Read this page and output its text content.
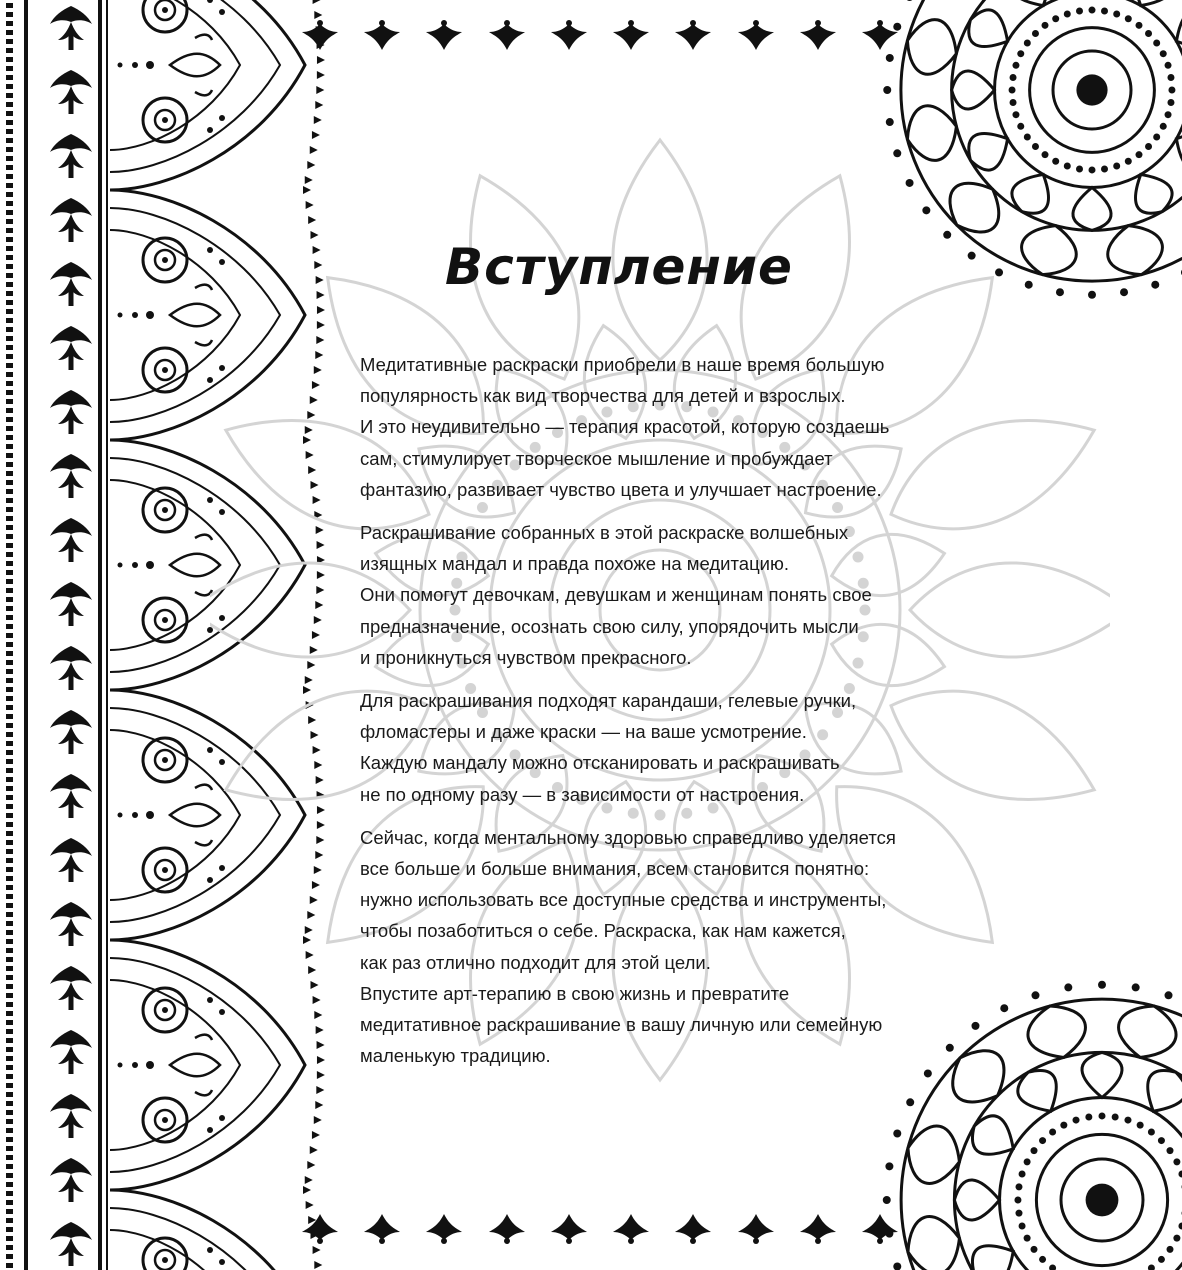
Вступление

Медитативные раскраски приобрели в наше время большую
популярность как вид творчества для детей и взрослых.
И это неудивительно — терапия красотой, которую создаешь
сам, стимулирует творческое мышление и пробуждает
фантазию, развивает чувство цвета и улучшает настроение.

Раскрашивание собранных в этой раскраске волшебных
изящных мандал и правда похоже на медитацию.
Они помогут девочкам, девушкам и женщинам понять свое
предназначение, осознать свою силу, упорядочить мысли
и проникнуться чувством прекрасного.

Для раскрашивания подходят карандаши, гелевые ручки,
фломастеры и даже краски — на ваше усмотрение.
Каждую мандалу можно отсканировать и раскрашивать
не по одному разу — в зависимости от настроения.

Сейчас, когда ментальному здоровью справедливо уделяется
все больше и больше внимания, всем становится понятно:
нужно использовать все доступные средства и инструменты,
чтобы позаботиться о себе. Раскраска, как нам кажется,
как раз отлично подходит для этой цели.
Впустите арт-терапию в свою жизнь и превратите
медитативное раскрашивание в вашу личную или семейную
маленькую традицию.
